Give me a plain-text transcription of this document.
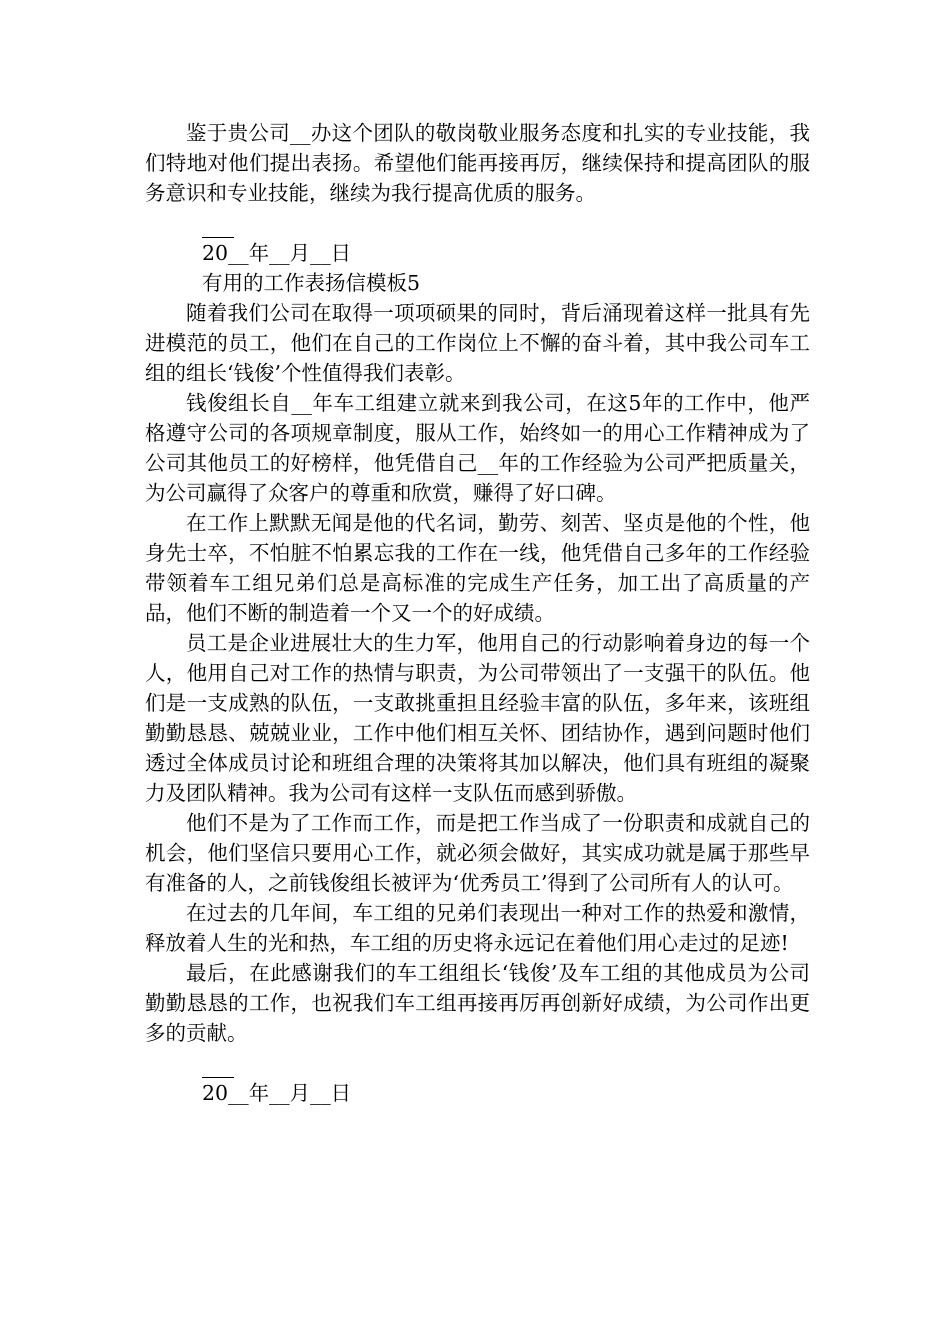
鉴于贵公司__办这个团队的敬岗敬业服务态度和扎实的专业技能，我们特地对他们提出表扬。希望他们能再接再厉，继续保持和提高团队的服务意识和专业技能，继续为我行提高优质的服务。

20__年__月__日

有用的工作表扬信模板5

随着我们公司在取得一项项硕果的同时，背后涌现着这样一批具有先进模范的员工，他们在自己的工作岗位上不懈的奋斗着，其中我公司车工组的组长‘钱俊’个性值得我们表彰。

钱俊组长自__年车工组建立就来到我公司，在这5年的工作中，他严格遵守公司的各项规章制度，服从工作，始终如一的用心工作精神成为了公司其他员工的好榜样，他凭借自己__年的工作经验为公司严把质量关，为公司赢得了众客户的尊重和欣赏，赚得了好口碑。

在工作上默默无闻是他的代名词，勤劳、刻苦、坚贞是他的个性，他身先士卒，不怕脏不怕累忘我的工作在一线，他凭借自己多年的工作经验带领着车工组兄弟们总是高标准的完成生产任务，加工出了高质量的产品，他们不断的制造着一个又一个的好成绩。

员工是企业进展壮大的生力军，他用自己的行动影响着身边的每一个人，他用自己对工作的热情与职责，为公司带领出了一支强干的队伍。他们是一支成熟的队伍，一支敢挑重担且经验丰富的队伍，多年来，该班组勤勤恳恳、兢兢业业，工作中他们相互关怀、团结协作，遇到问题时他们透过全体成员讨论和班组合理的决策将其加以解决，他们具有班组的凝聚力及团队精神。我为公司有这样一支队伍而感到骄傲。

他们不是为了工作而工作，而是把工作当成了一份职责和成就自己的机会，他们坚信只要用心工作，就必须会做好，其实成功就是属于那些早有准备的人，之前钱俊组长被评为‘优秀员工’得到了公司所有人的认可。

在过去的几年间，车工组的兄弟们表现出一种对工作的热爱和激情，释放着人生的光和热，车工组的历史将永远记在着他们用心走过的足迹!

最后，在此感谢我们的车工组组长‘钱俊’及车工组的其他成员为公司勤勤恳恳的工作，也祝我们车工组再接再厉再创新好成绩，为公司作出更多的贡献。

20__年__月__日
